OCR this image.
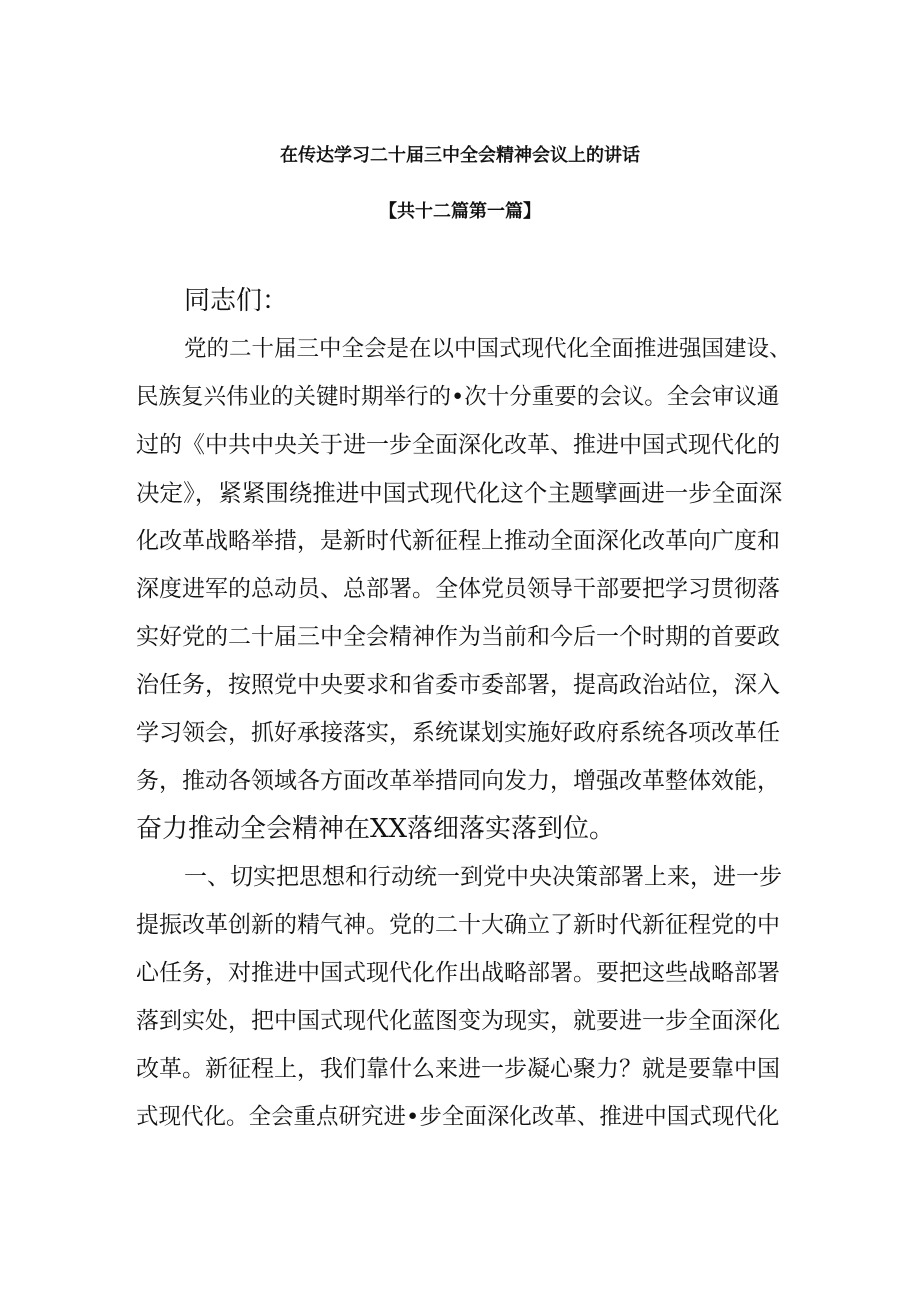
在传达学习二十届三中全会精神会议上的讲话
【共十二篇第一篇】
同志们：
党的二十届三中全会是在以中国式现代化全面推进强国建设、
民族复兴伟业的关键时期举行的•次十分重要的会议。全会审议通
过的《中共中央关于进一步全面深化改革、推进中国式现代化的
决定》，紧紧围绕推进中国式现代化这个主题擘画进一步全面深
化改革战略举措，是新时代新征程上推动全面深化改革向广度和
深度进军的总动员、总部署。全体党员领导干部要把学习贯彻落
实好党的二十届三中全会精神作为当前和今后一个时期的首要政
治任务，按照党中央要求和省委市委部署，提高政治站位，深入
学习领会，抓好承接落实，系统谋划实施好政府系统各项改革任
务，推动各领域各方面改革举措同向发力，增强改革整体效能，
奋力推动全会精神在XX落细落实落到位。
一、切实把思想和行动统一到党中央决策部署上来，进一步
提振改革创新的精气神。党的二十大确立了新时代新征程党的中
心任务，对推进中国式现代化作出战略部署。要把这些战略部署
落到实处，把中国式现代化蓝图变为现实，就要进一步全面深化
改革。新征程上，我们靠什么来进一步凝心聚力？就是要靠中国
式现代化。全会重点研究进•步全面深化改革、推进中国式现代化
